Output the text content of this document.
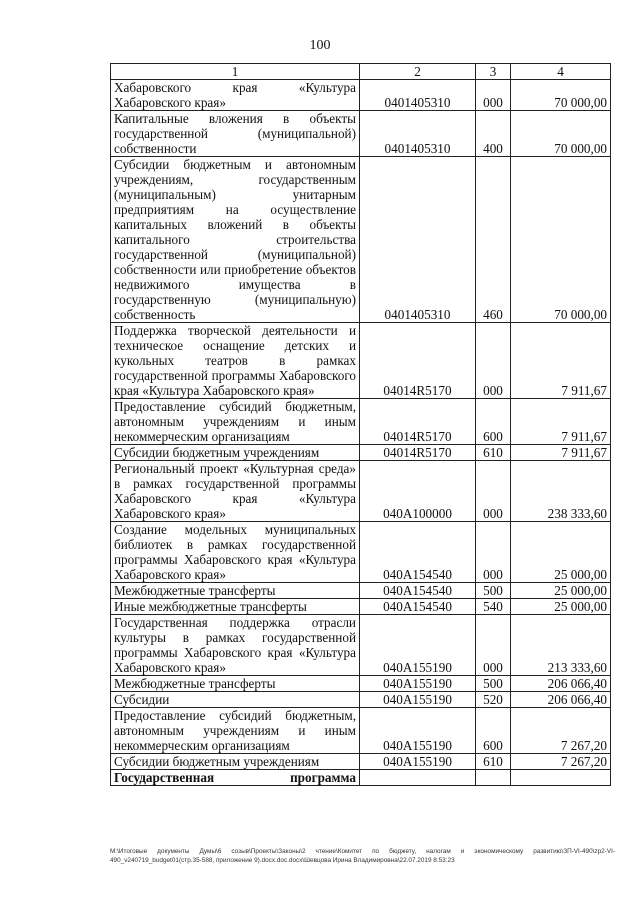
100
1	2	3	4
Хабаровского края «Культура Хабаровского края»	0401405310	000	70 000,00
Капитальные вложения в объекты государственной (муниципальной) собственности	0401405310	400	70 000,00
Субсидии бюджетным и автономным учреждениям, государственным (муниципальным) унитарным предприятиям на осуществление капитальных вложений в объекты капитального строительства государственной (муниципальной) собственности или приобретение объектов недвижимого имущества в государственную (муниципальную) собственность	0401405310	460	70 000,00
Поддержка творческой деятельности и техническое оснащение детских и кукольных театров в рамках государственной программы Хабаровского края «Культура Хабаровского края»	04014R5170	000	7 911,67
Предоставление субсидий бюджетным, автономным учреждениям и иным некоммерческим организациям	04014R5170	600	7 911,67
Субсидии бюджетным учреждениям	04014R5170	610	7 911,67
Региональный проект «Культурная среда» в рамках государственной программы Хабаровского края «Культура Хабаровского края»	040A100000	000	238 333,60
Создание модельных муниципальных библиотек в рамках государственной программы Хабаровского края «Культура Хабаровского края»	040A154540	000	25 000,00
Межбюджетные трансферты	040A154540	500	25 000,00
Иные межбюджетные трансферты	040A154540	540	25 000,00
Государственная поддержка отрасли культуры в рамках государственной программы Хабаровского края «Культура Хабаровского края»	040A155190	000	213 333,60
Межбюджетные трансферты	040A155190	500	206 066,40
Субсидии	040A155190	520	206 066,40
Предоставление субсидий бюджетным, автономным учреждениям и иным некоммерческим организациям	040A155190	600	7 267,20
Субсидии бюджетным учреждениям	040A155190	610	7 267,20
Государственная программа			
M:\Итоговые документы Думы\6 созыв\Проекты\Законы\2 чтение\Комитет по бюджету, налогам и экономическому развитию\ЗП-VI-490\zp2-VI-490_v240719_budget01(стр.35-588, приложение 9).docx.doc.docx\Шевцова Ирина Владимировна\22.07.2019 8:53:23
